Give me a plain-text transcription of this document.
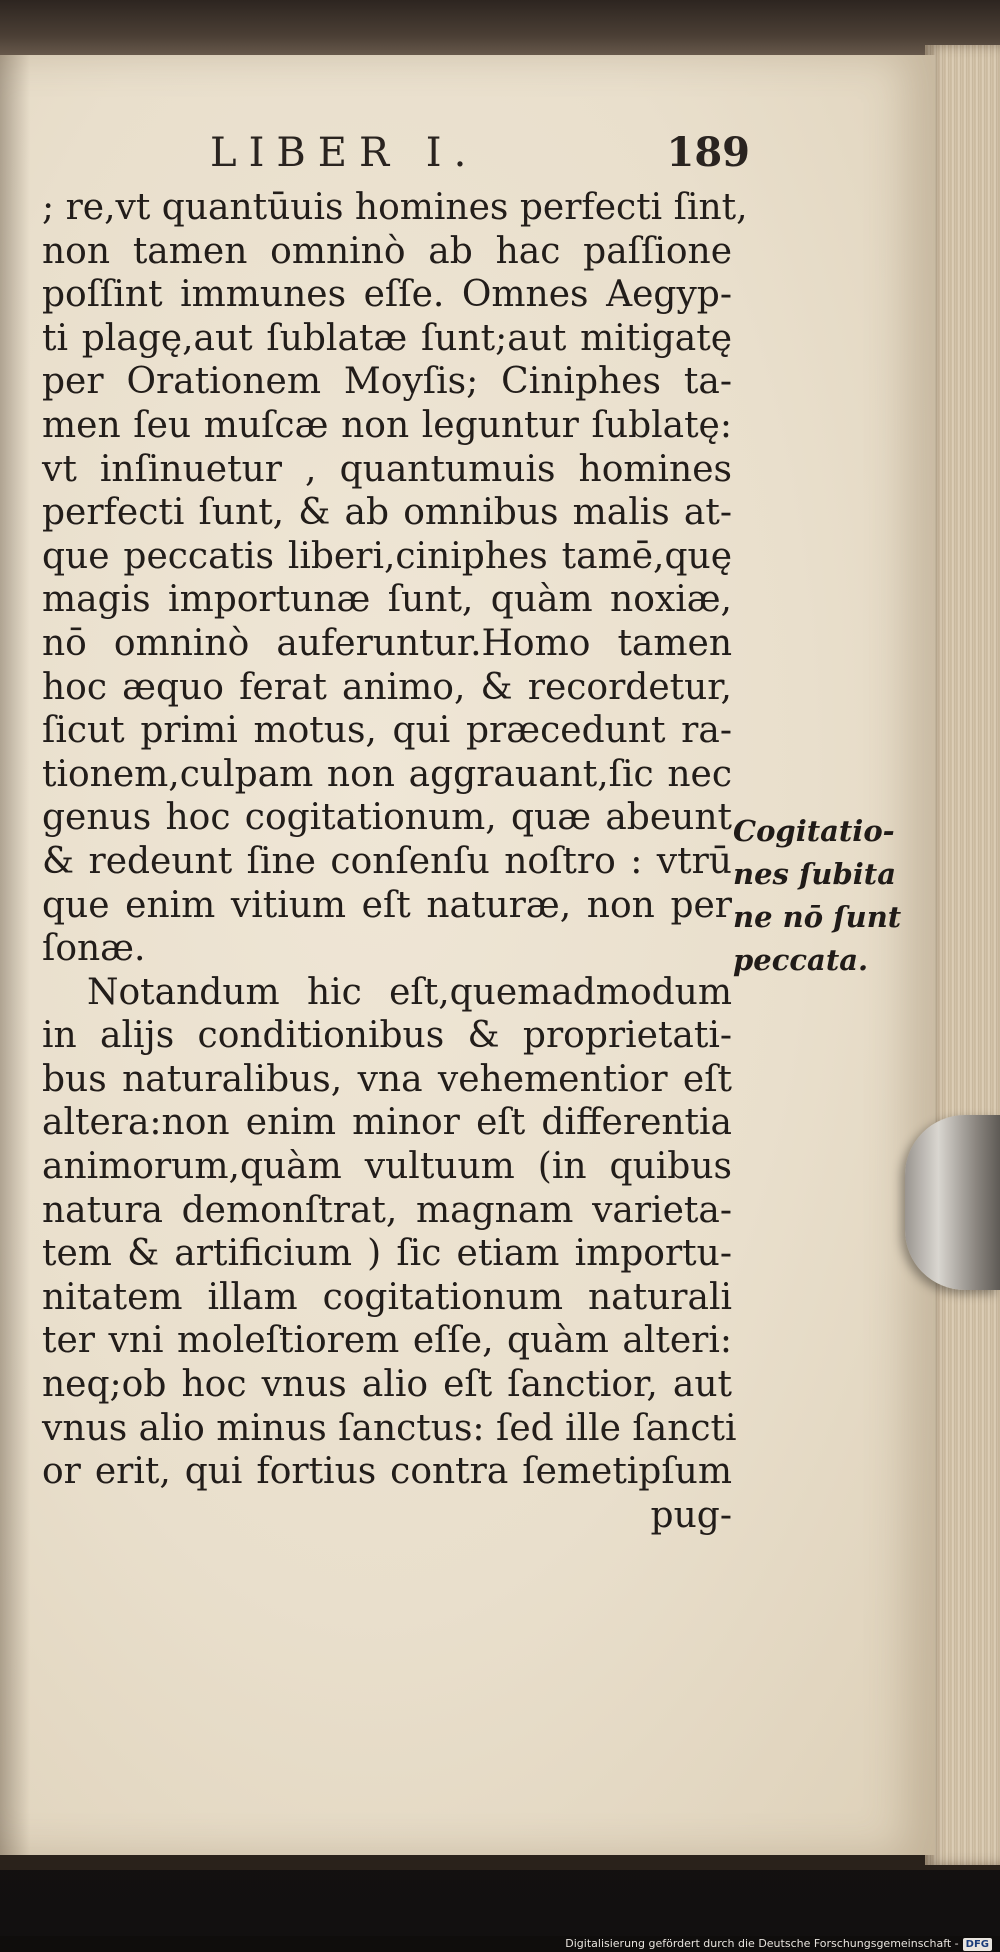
LIBER I.	189
; re,vt quantūuis homines perfecti ſint,
non tamen omninò ab hac paſſione
poſſint immunes eſſe. Omnes Aegyp-
ti plagę,aut ſublatæ ſunt;aut mitigatę
per Orationem Moyſis; Ciniphes ta-
men ſeu muſcæ non leguntur ſublatę:
vt inſinuetur , quantumuis homines
perfecti ſunt, & ab omnibus malis at-
que peccatis liberi,ciniphes tamē,quę
magis importunæ ſunt, quàm noxiæ,
nō omninò auferuntur.Homo tamen
hoc æquo ferat animo, & recordetur,
ſicut primi motus, qui præcedunt ra-
tionem,culpam non aggrauant,ſic nec
genus hoc cogitationum, quæ abeunt
& redeunt ſine conſenſu noſtro : vtrū
que enim vitium eſt naturæ, non per
ſonæ.
Notandum hic eſt,quemadmodum
in alijs conditionibus & proprietati-
bus naturalibus, vna vehementior eſt
altera:non enim minor eſt differentia
animorum,quàm vultuum (in quibus
natura demonſtrat, magnam varieta-
tem & artificium ) ſic etiam importu-
nitatem illam cogitationum naturali
ter vni moleſtiorem eſſe, quàm alteri:
neq;ob hoc vnus alio eſt ſanctior, aut
vnus alio minus ſanctus: ſed ille ſancti
or erit, qui fortius contra ſemetipſum
pug-
Cogitatio-
nes ſubita
ne nō ſunt
peccata.
Digitalisierung gefördert durch die Deutsche Forschungsgemeinschaft - DFG
